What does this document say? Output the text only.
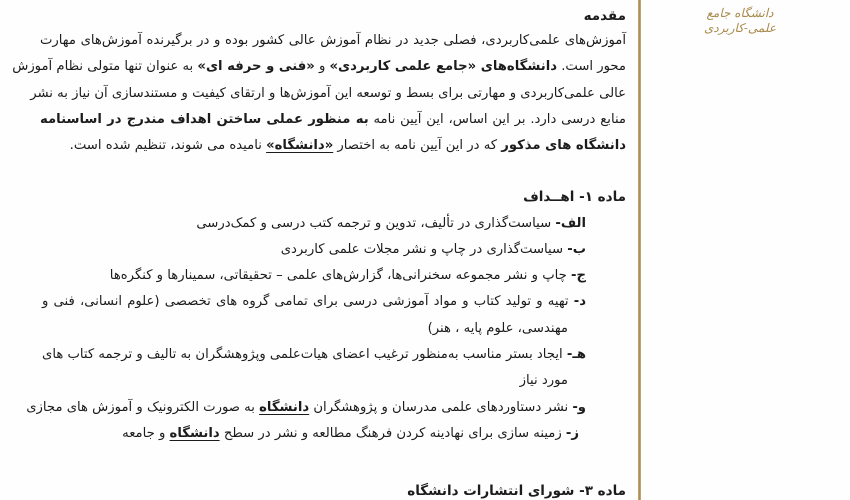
دانشگاه جامع
علمی-کاربردی
مقدمه
آموزش‌های علمی‌کاربردی، فصلی جدید در نظام آموزش عالی کشور بوده و در برگیرنده آموزش‌های مهارت
محور است. دانشگاه‌های «جامع علمی کاربردی» و «فنی و حرفه ای» به عنوان تنها متولی نظام آموزش
عالی علمی‌کاربردی و مهارتی برای بسط و توسعه این آموزش‌ها و ارتقای کیفیت و مستندسازی آن نیاز به نشر
منابع درسی دارد. بر این اساس، این آیین نامه به منظور عملی ساختن اهداف مندرج در اساسنامه
دانشگاه های مذکور که در این آیین نامه به اختصار «دانشگاه» نامیده می شوند، تنظیم شده است.
ماده ۱- اهــداف
الف- سیاست‌گذاری در تألیف، تدوین و ترجمه کتب درسی و کمک‌درسی
ب- سیاست‌گذاری در چاپ و نشر مجلات علمی کاربردی
ج- چاپ و نشر مجموعه سخنرانی‌ها، گزارش‌های علمی – تحقیقاتی، سمینارها و کنگره‌ها
د- تهیه و تولید کتاب و مواد آموزشی درسی برای تمامی گروه های تخصصی (علوم انسانی، فنی و
مهندسی، علوم پایه ، هنر)
هـ- ایجاد بستر مناسب به‌منظور ترغیب اعضای هیات‌علمی وپژوهشگران به تالیف و ترجمه کتاب های
مورد نیاز
و- نشر دستاوردهای علمی مدرسان و پژوهشگران دانشگاه به صورت الکترونیک و آموزش های مجازی
ز- زمینه سازی برای نهادینه کردن فرهنگ مطالعه و نشر در سطح دانشگاه و جامعه
ماده ۳- شورای انتشارات دانشگاه
